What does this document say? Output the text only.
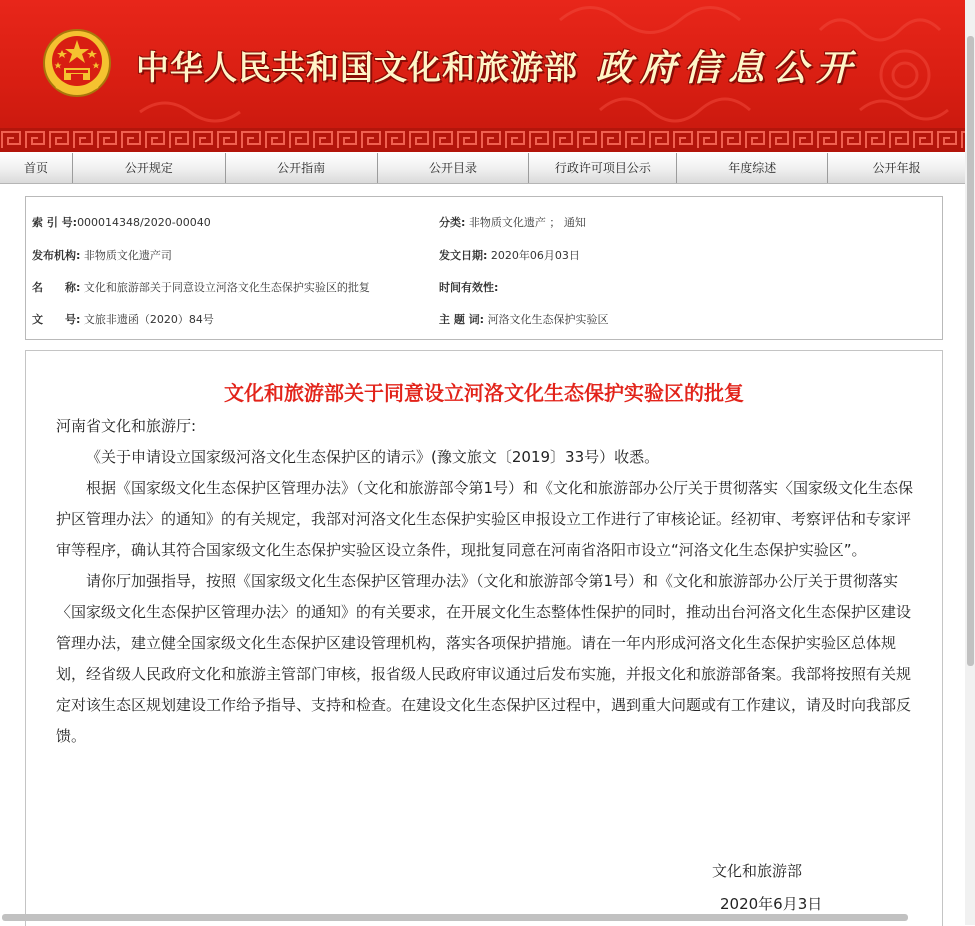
中华人民共和国文化和旅游部 政府信息公开
首页	公开规定	公开指南	公开目录	行政许可项目公示	年度综述	公开年报
索 引 号:000014348/2020-00040	分类: 非物质文化遗产 ； 通知
发布机构: 非物质文化遗产司	发文日期: 2020年06月03日
名　　称: 文化和旅游部关于同意设立河洛文化生态保护实验区的批复	时间有效性:
文　　号: 文旅非遗函（2020）84号	主 题 词: 河洛文化生态保护实验区
文化和旅游部关于同意设立河洛文化生态保护实验区的批复

河南省文化和旅游厅:

《关于申请设立国家级河洛文化生态保护区的请示》(豫文旅文〔2019〕33号）收悉。

根据《国家级文化生态保护区管理办法》（文化和旅游部令第1号）和《文化和旅游部办公厅关于贯彻落实〈国家级文化生态保护区管理办法〉的通知》的有关规定，我部对河洛文化生态保护实验区申报设立工作进行了审核论证。经初审、考察评估和专家评审等程序，确认其符合国家级文化生态保护实验区设立条件，现批复同意在河南省洛阳市设立“河洛文化生态保护实验区”。

请你厅加强指导，按照《国家级文化生态保护区管理办法》（文化和旅游部令第1号）和《文化和旅游部办公厅关于贯彻落实〈国家级文化生态保护区管理办法〉的通知》的有关要求，在开展文化生态整体性保护的同时，推动出台河洛文化生态保护区建设管理办法，建立健全国家级文化生态保护区建设管理机构，落实各项保护措施。请在一年内形成河洛文化生态保护实验区总体规划，经省级人民政府文化和旅游主管部门审核，报省级人民政府审议通过后发布实施，并报文化和旅游部备案。我部将按照有关规定对该生态区规划建设工作给予指导、支持和检查。在建设文化生态保护区过程中，遇到重大问题或有工作建议，请及时向我部反馈。

文化和旅游部
2020年6月3日
